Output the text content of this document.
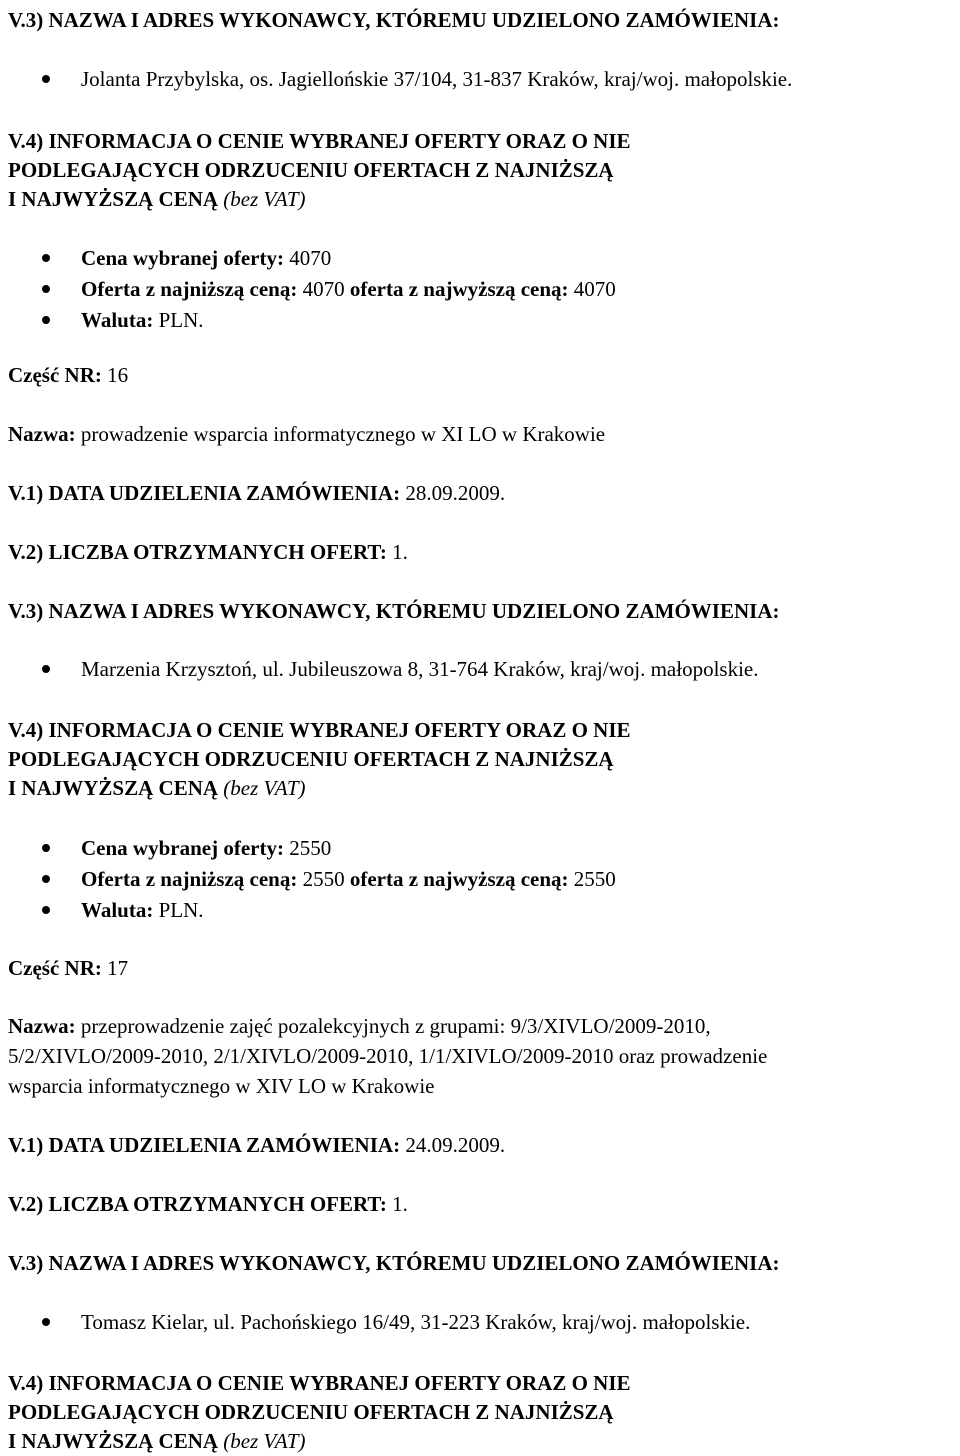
V.3) NAZWA I ADRES WYKONAWCY, KTÓREMU UDZIELONO ZAMÓWIENIA:
Jolanta Przybylska, os. Jagiellońskie 37/104, 31-837 Kraków, kraj/woj. małopolskie.
V.4) INFORMACJA O CENIE WYBRANEJ OFERTY ORAZ O NIE
PODLEGAJĄCYCH ODRZUCENIU OFERTACH Z NAJNIŻSZĄ
I NAJWYŻSZĄ CENĄ (bez VAT)
Cena wybranej oferty: 4070
Oferta z najniższą ceną: 4070 oferta z najwyższą ceną: 4070
Waluta: PLN.
Część NR: 16
Nazwa: prowadzenie wsparcia informatycznego w XI LO w Krakowie
V.1) DATA UDZIELENIA ZAMÓWIENIA: 28.09.2009.
V.2) LICZBA OTRZYMANYCH OFERT: 1.
V.3) NAZWA I ADRES WYKONAWCY, KTÓREMU UDZIELONO ZAMÓWIENIA:
Marzenia Krzysztoń, ul. Jubileuszowa 8, 31-764 Kraków, kraj/woj. małopolskie.
V.4) INFORMACJA O CENIE WYBRANEJ OFERTY ORAZ O NIE
PODLEGAJĄCYCH ODRZUCENIU OFERTACH Z NAJNIŻSZĄ
I NAJWYŻSZĄ CENĄ (bez VAT)
Cena wybranej oferty: 2550
Oferta z najniższą ceną: 2550 oferta z najwyższą ceną: 2550
Waluta: PLN.
Część NR: 17
Nazwa: przeprowadzenie zajęć pozalekcyjnych z grupami: 9/3/XIVLO/2009-2010,
5/2/XIVLO/2009-2010, 2/1/XIVLO/2009-2010, 1/1/XIVLO/2009-2010 oraz prowadzenie
wsparcia informatycznego w XIV LO w Krakowie
V.1) DATA UDZIELENIA ZAMÓWIENIA: 24.09.2009.
V.2) LICZBA OTRZYMANYCH OFERT: 1.
V.3) NAZWA I ADRES WYKONAWCY, KTÓREMU UDZIELONO ZAMÓWIENIA:
Tomasz Kielar, ul. Pachońskiego 16/49, 31-223 Kraków, kraj/woj. małopolskie.
V.4) INFORMACJA O CENIE WYBRANEJ OFERTY ORAZ O NIE
PODLEGAJĄCYCH ODRZUCENIU OFERTACH Z NAJNIŻSZĄ
I NAJWYŻSZĄ CENĄ (bez VAT)
